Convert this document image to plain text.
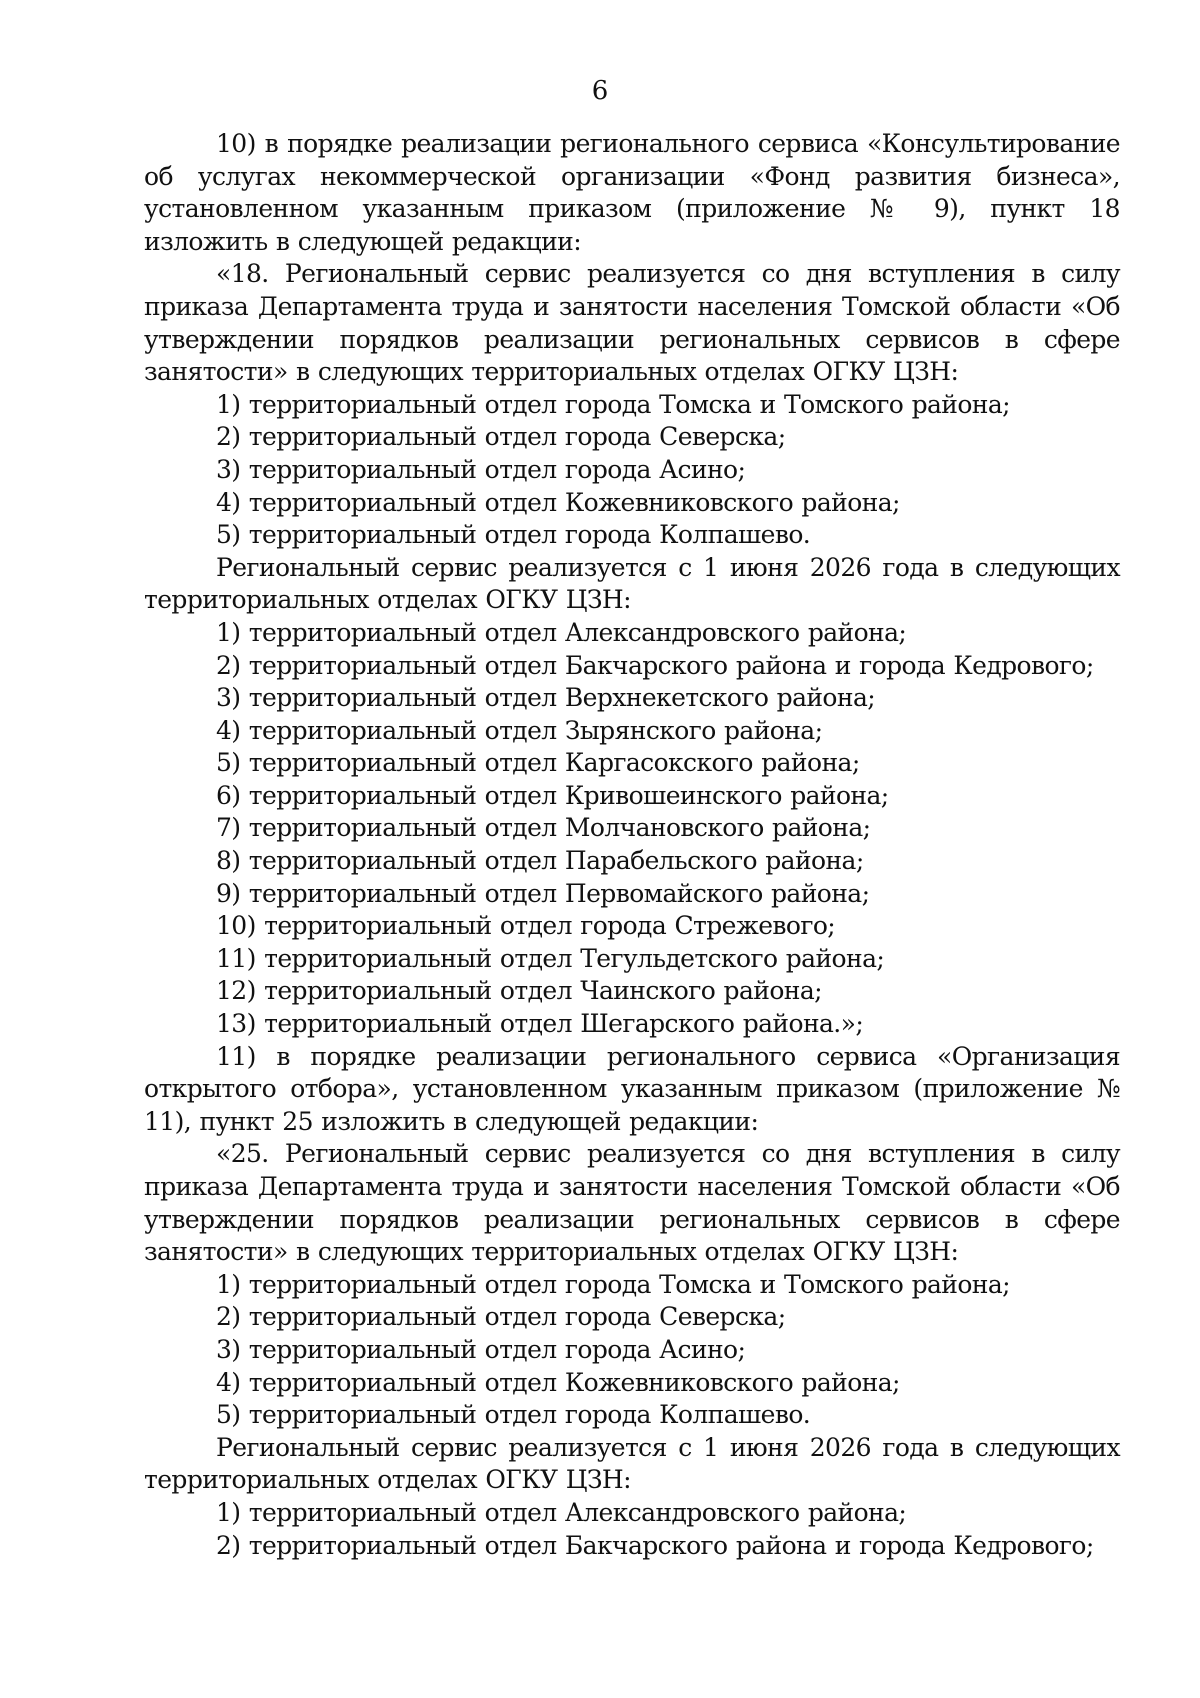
6

10) в порядке реализации регионального сервиса «Консультирование об услугах некоммерческой организации «Фонд развития бизнеса», установленном указанным приказом (приложение № 9), пункт 18 изложить в следующей редакции:

«18. Региональный сервис реализуется со дня вступления в силу приказа Департамента труда и занятости населения Томской области «Об утверждении порядков реализации региональных сервисов в сфере занятости» в следующих территориальных отделах ОГКУ ЦЗН:

1) территориальный отдел города Томска и Томского района;
2) территориальный отдел города Северска;
3) территориальный отдел города Асино;
4) территориальный отдел Кожевниковского района;
5) территориальный отдел города Колпашево.

Региональный сервис реализуется с 1 июня 2026 года в следующих территориальных отделах ОГКУ ЦЗН:

1) территориальный отдел Александровского района;
2) территориальный отдел Бакчарского района и города Кедрового;
3) территориальный отдел Верхнекетского района;
4) территориальный отдел Зырянского района;
5) территориальный отдел Каргасокского района;
6) территориальный отдел Кривошеинского района;
7) территориальный отдел Молчановского района;
8) территориальный отдел Парабельского района;
9) территориальный отдел Первомайского района;
10) территориальный отдел города Стрежевого;
11) территориальный отдел Тегульдетского района;
12) территориальный отдел Чаинского района;
13) территориальный отдел Шегарского района.»;

11) в порядке реализации регионального сервиса «Организация открытого отбора», установленном указанным приказом (приложение № 11), пункт 25 изложить в следующей редакции:

«25. Региональный сервис реализуется со дня вступления в силу приказа Департамента труда и занятости населения Томской области «Об утверждении порядков реализации региональных сервисов в сфере занятости» в следующих территориальных отделах ОГКУ ЦЗН:

1) территориальный отдел города Томска и Томского района;
2) территориальный отдел города Северска;
3) территориальный отдел города Асино;
4) территориальный отдел Кожевниковского района;
5) территориальный отдел города Колпашево.

Региональный сервис реализуется с 1 июня 2026 года в следующих территориальных отделах ОГКУ ЦЗН:

1) территориальный отдел Александровского района;
2) территориальный отдел Бакчарского района и города Кедрового;
